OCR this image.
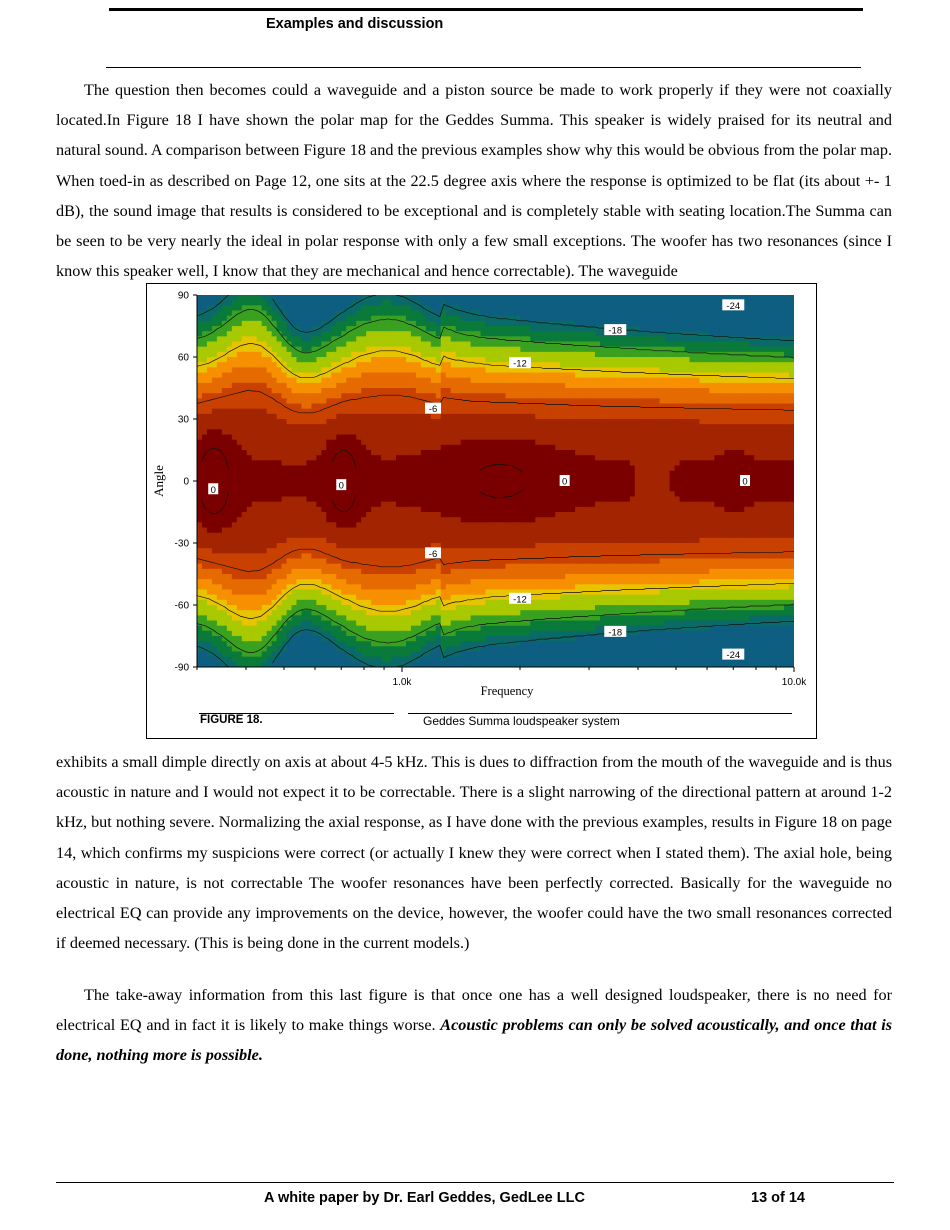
Examples and discussion

The question then becomes could a waveguide and a piston source be made to work properly if they were not coaxially located.In Figure 18 I have shown the polar map for the Geddes Summa. This speaker is widely praised for its neutral and natural sound. A comparison between Figure 18 and the previous examples show why this would be obvious from the polar map. When toed-in as described on Page 12, one sits at the 22.5 degree axis where the response is optimized to be flat (its about +- 1 dB), the sound image that results is considered to be exceptional and is completely stable with seating location.The Summa can be seen to be very nearly the ideal in polar response with only a few small exceptions. The woofer has two resonances (since I know this speaker well, I know that they are mechanical and hence correctable). The waveguide

90
60
30
0
-30
-60
-90
1.0k	10.0k
0	0	0	0
-6
-6
-12
-12
-18
-18
-24
-24
Angle
Frequency
FIGURE 18.	Geddes Summa loudspeaker system

exhibits a small dimple directly on axis at about 4-5 kHz. This is dues to diffraction from the mouth of the waveguide and is thus acoustic in nature and I would not expect it to be correctable. There is a slight narrowing of the directional pattern at around 1-2 kHz, but nothing severe. Normalizing the axial response, as I have done with the previous examples, results in Figure 18 on page 14, which confirms my suspicions were correct (or actually I knew they were correct when I stated them). The axial hole, being acoustic in nature, is not correctable The woofer resonances have been perfectly corrected. Basically for the waveguide no electrical EQ can provide any improvements on the device, however, the woofer could have the two small resonances corrected if deemed necessary. (This is being done in the current models.)

The take-away information from this last figure is that once one has a well designed loudspeaker, there is no need for electrical EQ and in fact it is likely to make things worse. Acoustic problems can only be solved acoustically, and once that is done, nothing more is possible.

A white paper by Dr. Earl Geddes, GedLee LLC	13 of 14
